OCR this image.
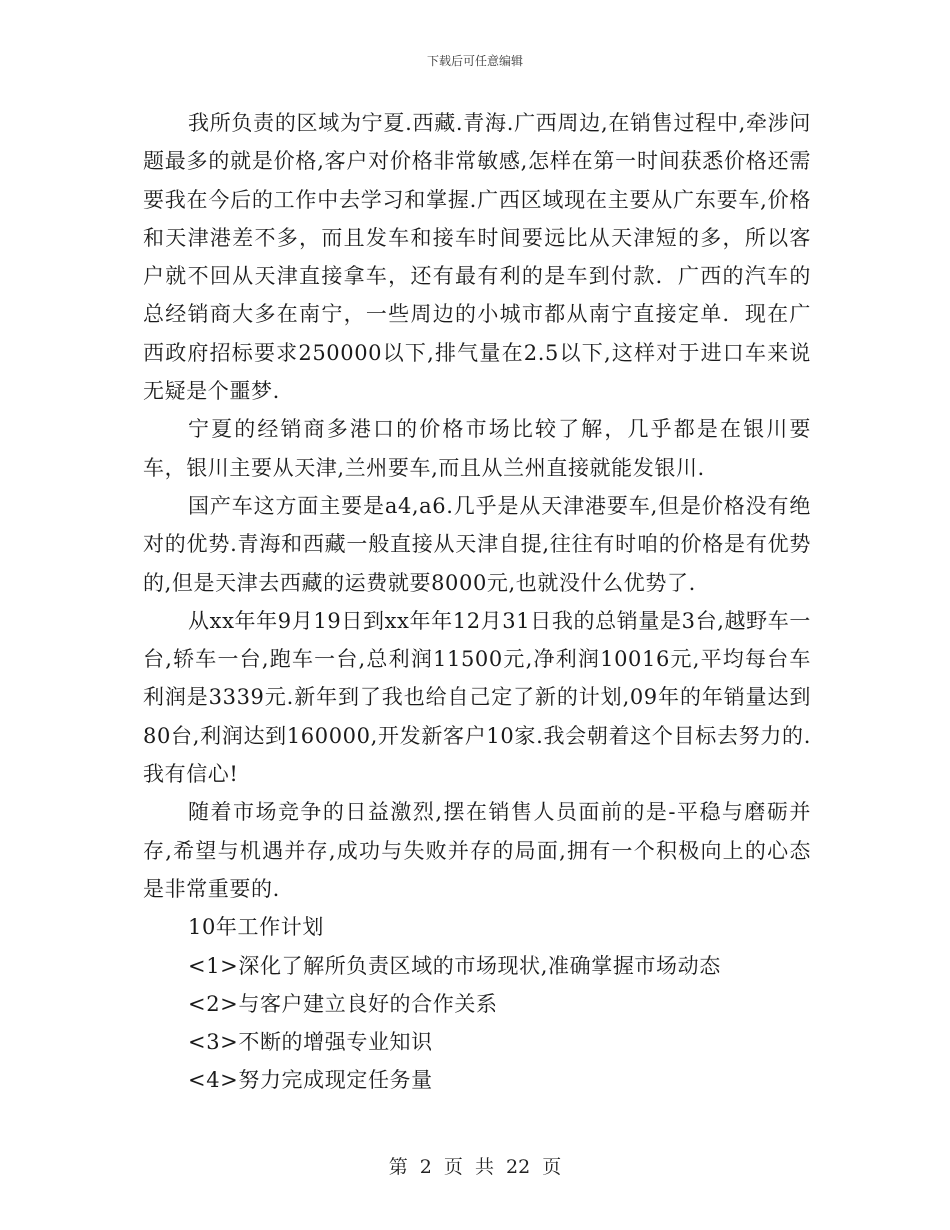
下载后可任意编辑

我所负责的区域为宁夏.西藏.青海.广西周边,在销售过程中,牵涉问题最多的就是价格,客户对价格非常敏感,怎样在第一时间获悉价格还需要我在今后的工作中去学习和掌握.广西区域现在主要从广东要车,价格和天津港差不多，而且发车和接车时间要远比从天津短的多，所以客户就不回从天津直接拿车，还有最有利的是车到付款．广西的汽车的总经销商大多在南宁，一些周边的小城市都从南宁直接定单．现在广西政府招标要求250000以下,排气量在2.5以下,这样对于进口车来说无疑是个噩梦.

宁夏的经销商多港口的价格市场比较了解，几乎都是在银川要车，银川主要从天津,兰州要车,而且从兰州直接就能发银川.

国产车这方面主要是a4,a6.几乎是从天津港要车,但是价格没有绝对的优势.青海和西藏一般直接从天津自提,往往有时咱的价格是有优势的,但是天津去西藏的运费就要8000元,也就没什么优势了.

从xx年年9月19日到xx年年12月31日我的总销量是3台,越野车一台,轿车一台,跑车一台,总利润11500元,净利润10016元,平均每台车利润是3339元.新年到了我也给自己定了新的计划,09年的年销量达到80台,利润达到160000,开发新客户10家.我会朝着这个目标去努力的.我有信心!

随着市场竞争的日益激烈,摆在销售人员面前的是-平稳与磨砺并存,希望与机遇并存,成功与失败并存的局面,拥有一个积极向上的心态是非常重要的.

10年工作计划

<1>深化了解所负责区域的市场现状,准确掌握市场动态

<2>与客户建立良好的合作关系

<3>不断的增强专业知识

<4>努力完成现定任务量

第 2 页 共 22 页
